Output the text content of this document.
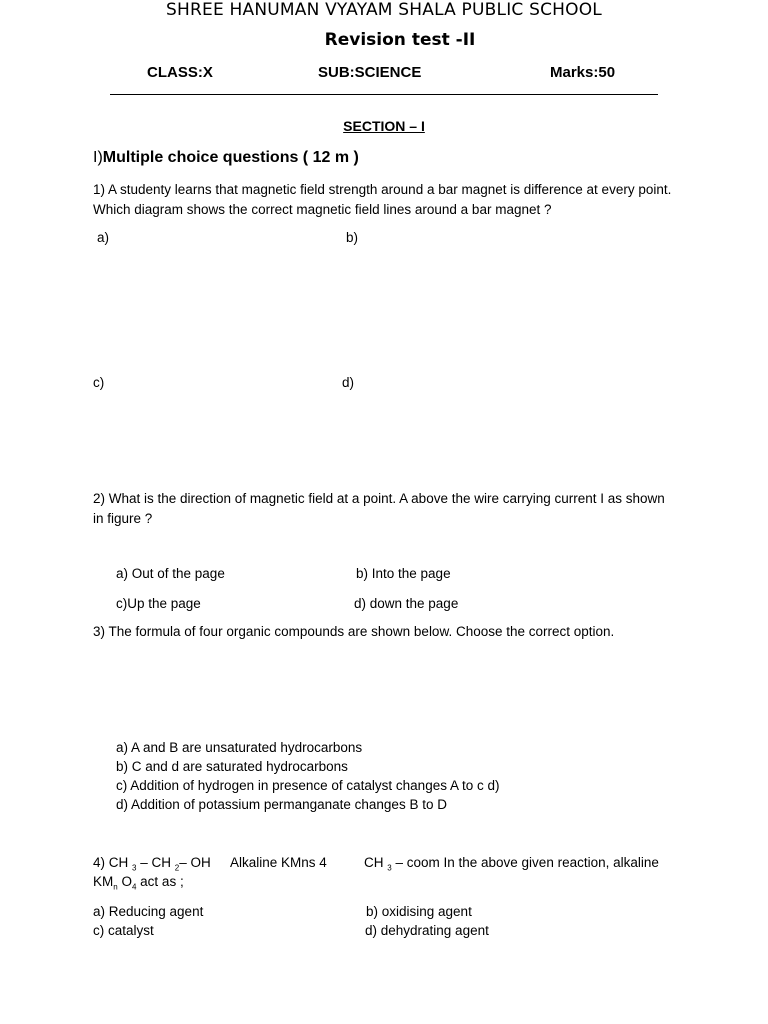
SHREE HANUMAN VYAYAM SHALA PUBLIC SCHOOL
Revision test -II
CLASS:X	SUB:SCIENCE	Marks:50
SECTION – I
I)Multiple choice questions ( 12 m )
1) A studenty learns that magnetic field strength around a bar magnet is difference at every point. Which diagram shows the correct magnetic field lines around a bar magnet ?
a)	b)
c)	d)
2) What is the direction of magnetic field at a point. A above the wire carrying current I as shown in figure ?
a) Out of the page	b) Into the page
c)Up the page	d) down the page
3) The formula of four organic compounds are shown below. Choose the correct option.
a) A and B are unsaturated hydrocarbons
b) C and d are saturated hydrocarbons
c) Addition of hydrogen in presence of catalyst changes A to c d)
d) Addition of potassium permanganate changes B to D
4) CH $_3$ – CH $_2$– OH Alkaline KMns 4	CH $_3$ – coom In the above given reaction, alkaline
$KM_n$ $O_4$ act as ;
a) Reducing agent	b) oxidising agent
c) catalyst	d) dehydrating agent
